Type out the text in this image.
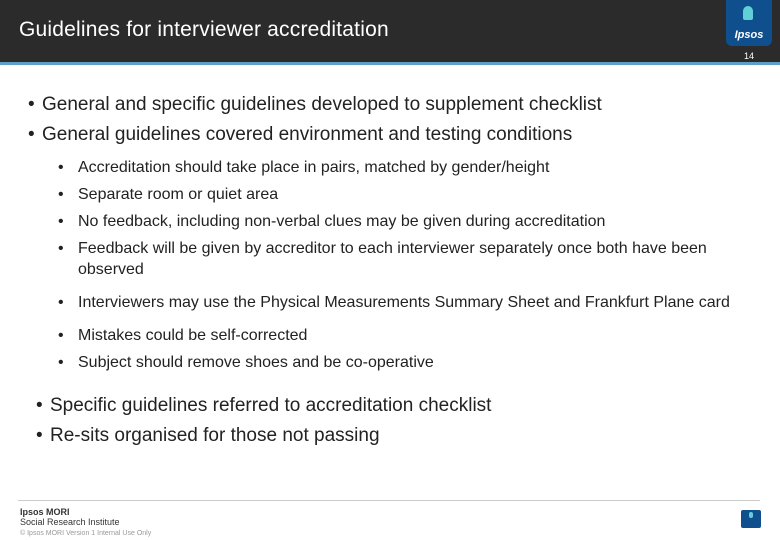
Guidelines for interviewer accreditation	Ipsos
14
• General and specific guidelines developed to supplement checklist
• General guidelines covered environment and testing conditions
• Accreditation should take place in pairs, matched by gender/height
• Separate room or quiet area
• No feedback, including non-verbal clues may be given during accreditation
• Feedback will be given by accreditor to each interviewer separately once both have been observed
• Interviewers may use the Physical Measurements Summary Sheet and Frankfurt Plane card
• Mistakes could be self-corrected
• Subject should remove shoes and be co-operative
• Specific guidelines referred to accreditation checklist
• Re-sits organised for those not passing
Ipsos MORI
Social Research Institute
© Ipsos MORI Version 1 Internal Use Only
